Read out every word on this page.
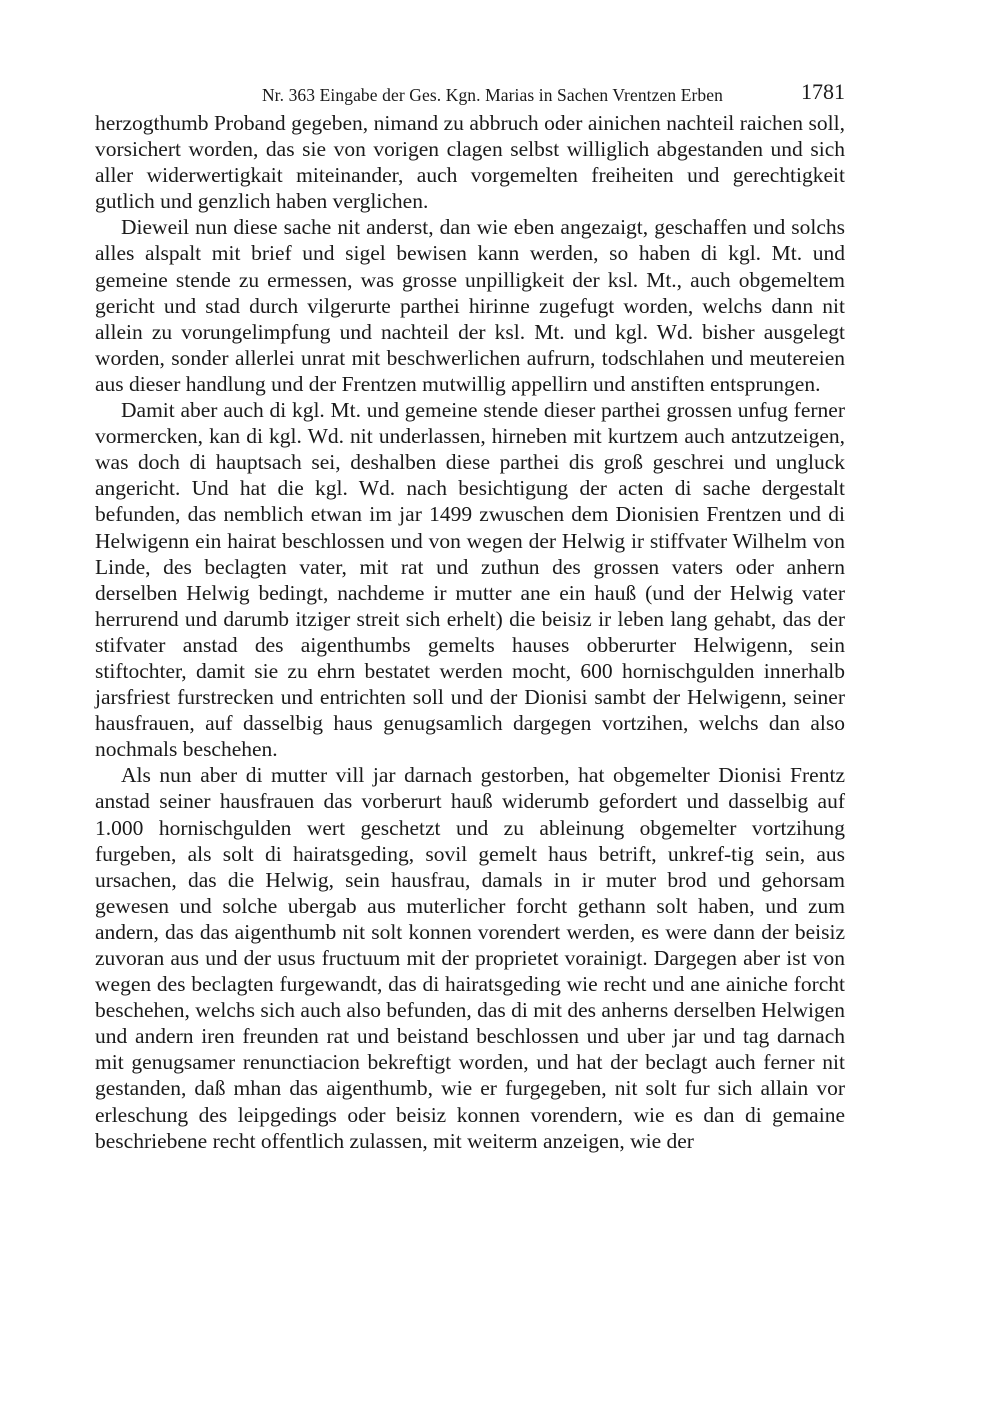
Nr. 363 Eingabe der Ges. Kgn. Marias in Sachen Vrentzen Erben	1781

herzogthumb Proband gegeben, nimand zu abbruch oder ainichen nachteil raichen soll, vorsichert worden, das sie von vorigen clagen selbst williglich abgestanden und sich aller widerwertigkait miteinander, auch vorgemelten freiheiten und gerechtigkeit gutlich und genzlich haben verglichen.

Dieweil nun diese sache nit anderst, dan wie eben angezaigt, geschaffen und solchs alles alspalt mit brief und sigel bewisen kann werden, so haben di kgl. Mt. und gemeine stende zu ermessen, was grosse unpilligkeit der ksl. Mt., auch obgemeltem gericht und stad durch vilgerurte parthei hirinne zugefugt worden, welchs dann nit allein zu vorungelimpfung und nachteil der ksl. Mt. und kgl. Wd. bisher ausgelegt worden, sonder allerlei unrat mit beschwerlichen aufrurn, todschlahen und meutereien aus dieser handlung und der Frentzen mutwillig appellirn und anstiften entsprungen.

Damit aber auch di kgl. Mt. und gemeine stende dieser parthei grossen unfug ferner vormercken, kan di kgl. Wd. nit underlassen, hirneben mit kurtzem auch antzutzeigen, was doch di hauptsach sei, deshalben diese parthei dis groß geschrei und ungluck angericht. Und hat die kgl. Wd. nach besichtigung der acten di sache dergestalt befunden, das nemblich etwan im jar 1499 zwuschen dem Dionisien Frentzen und di Helwigenn ein hairat beschlossen und von wegen der Helwig ir stiffvater Wilhelm von Linde, des beclagten vater, mit rat und zuthun des grossen vaters oder anhern derselben Helwig bedingt, nachdeme ir mutter ane ein hauß (und der Helwig vater herrurend und darumb itziger streit sich erhelt) die beisiz ir leben lang gehabt, das der stifvater anstad des aigenthumbs gemelts hauses obberurter Helwigenn, sein stiftochter, damit sie zu ehrn bestatet werden mocht, 600 hornischgulden innerhalb jarsfriest furstrecken und entrichten soll und der Dionisi sambt der Helwigenn, seiner hausfrauen, auf dasselbig haus genugsamlich dargegen vortzihen, welchs dan also nochmals beschehen.

Als nun aber di mutter vill jar darnach gestorben, hat obgemelter Dionisi Frentz anstad seiner hausfrauen das vorberurt hauß widerumb gefordert und dasselbig auf 1.000 hornischgulden wert geschetzt und zu ableinung obgemelter vortzihung furgeben, als solt di hairatsgeding, sovil gemelt haus betrift, unkref-tig sein, aus ursachen, das die Helwig, sein hausfrau, damals in ir muter brod und gehorsam gewesen und solche ubergab aus muterlicher forcht gethann solt haben, und zum andern, das das aigenthumb nit solt konnen vorendert werden, es were dann der beisiz zuvoran aus und der usus fructuum mit der proprietet vorainigt. Dargegen aber ist von wegen des beclagten furgewandt, das di hairatsgeding wie recht und ane ainiche forcht beschehen, welchs sich auch also befunden, das di mit des anherns derselben Helwigen und andern iren freunden rat und beistand beschlossen und uber jar und tag darnach mit genugsamer renunctiacion bekreftigt worden, und hat der beclagt auch ferner nit gestanden, daß mhan das aigenthumb, wie er furgegeben, nit solt fur sich allain vor erleschung des leipgedings oder beisiz konnen vorendern, wie es dan di gemaine beschriebene recht offentlich zulassen, mit weiterm anzeigen, wie der
